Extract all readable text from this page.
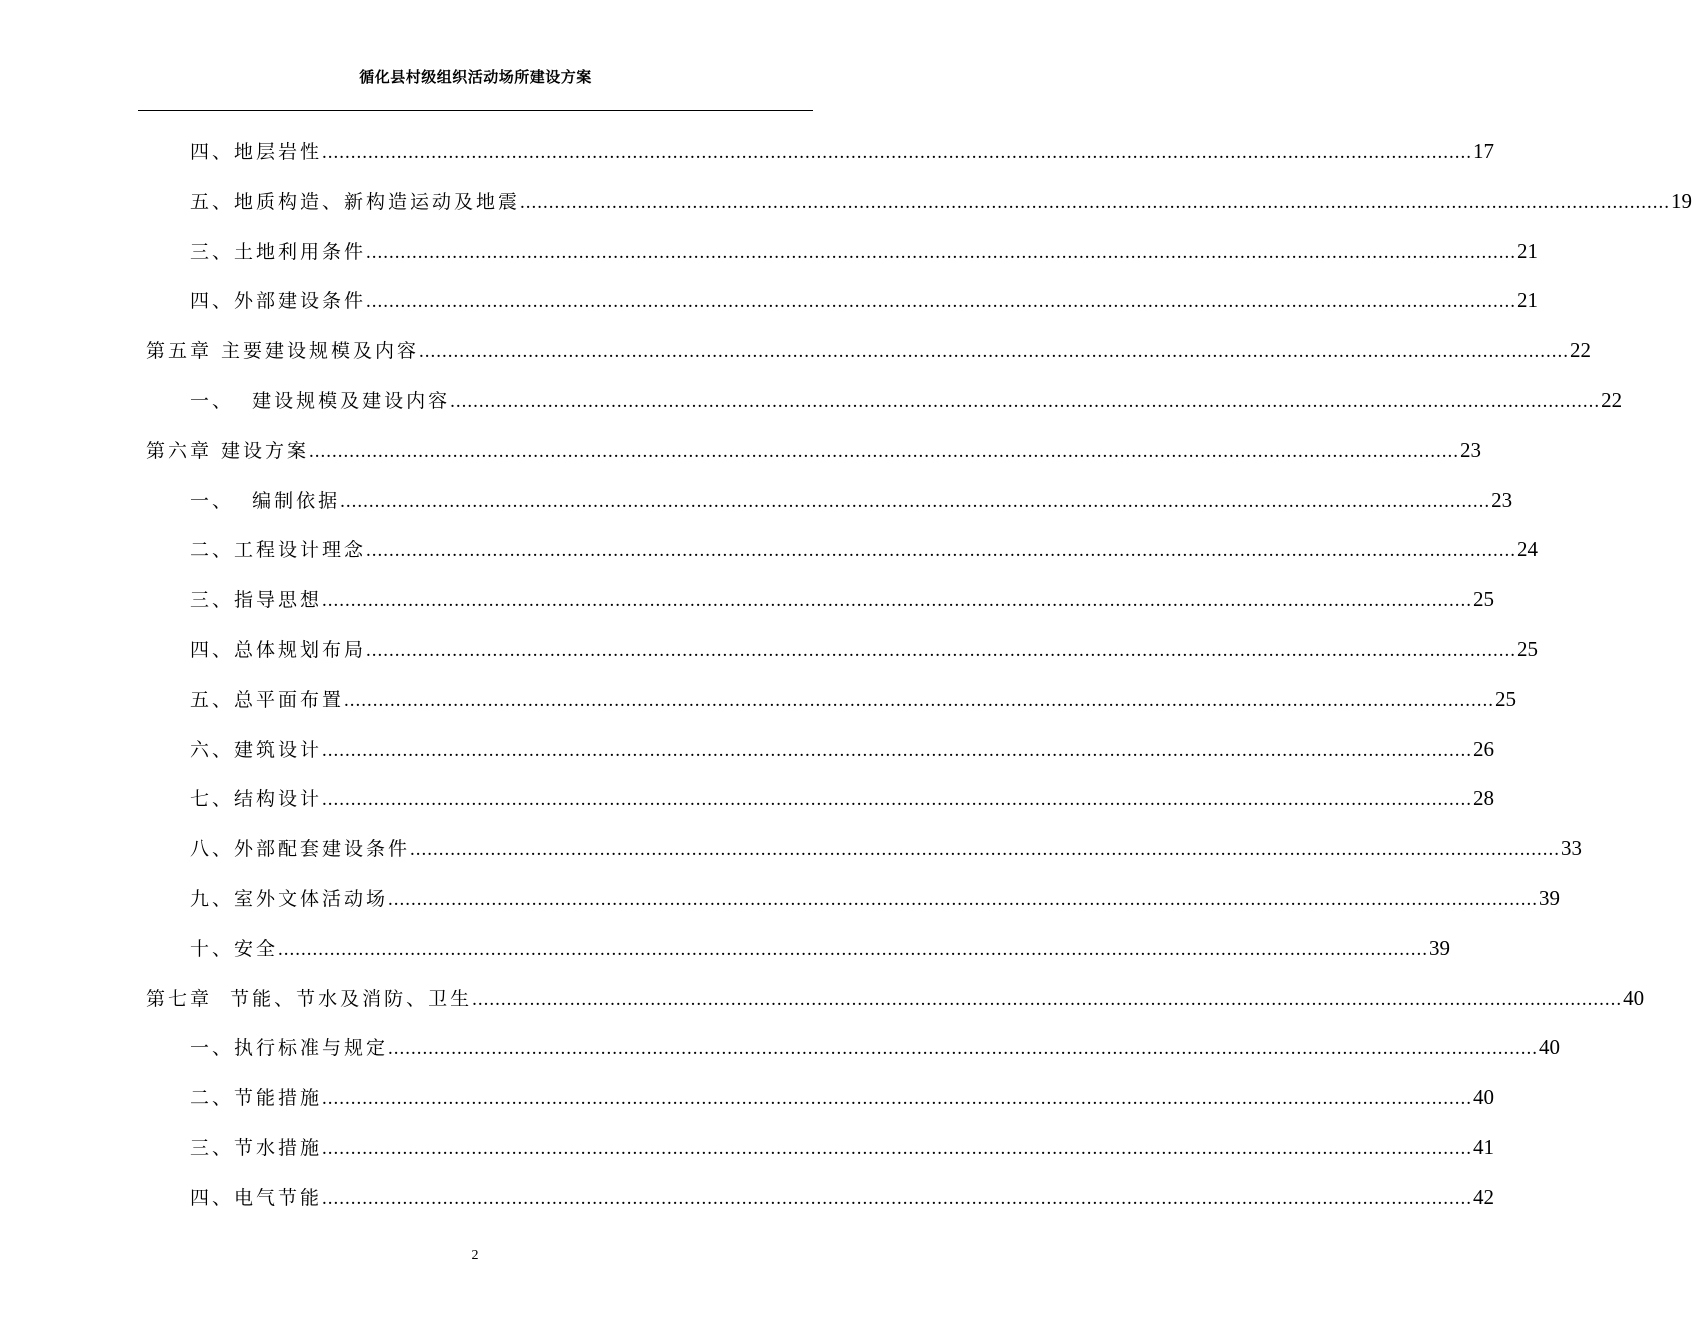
循化县村级组织活动场所建设方案
四、地层岩性 ........................................................................................................................................................................................................ 17
五、地质构造、新构造运动及地震 ........................................................................................................................................................................................................ 19
三、土地利用条件 ........................................................................................................................................................................................................ 21
四、外部建设条件 ........................................................................................................................................................................................................ 21
第五章 主要建设规模及内容 ........................................................................................................................................................................................................ 22
一、  建设规模及建设内容 ........................................................................................................................................................................................................ 22
第六章 建设方案 ........................................................................................................................................................................................................ 23
一、  编制依据 ........................................................................................................................................................................................................ 23
二、工程设计理念 ........................................................................................................................................................................................................ 24
三、指导思想 ........................................................................................................................................................................................................ 25
四、总体规划布局 ........................................................................................................................................................................................................ 25
五、总平面布置 ........................................................................................................................................................................................................ 25
六、建筑设计 ........................................................................................................................................................................................................ 26
七、结构设计 ........................................................................................................................................................................................................ 28
八、外部配套建设条件 ........................................................................................................................................................................................................ 33
九、室外文体活动场 ........................................................................................................................................................................................................ 39
十、安全 ........................................................................................................................................................................................................ 39
第七章  节能、节水及消防、卫生 ........................................................................................................................................................................................................ 40
一、执行标准与规定 ........................................................................................................................................................................................................ 40
二、节能措施 ........................................................................................................................................................................................................ 40
三、节水措施 ........................................................................................................................................................................................................ 41
四、电气节能 ........................................................................................................................................................................................................ 42
2
